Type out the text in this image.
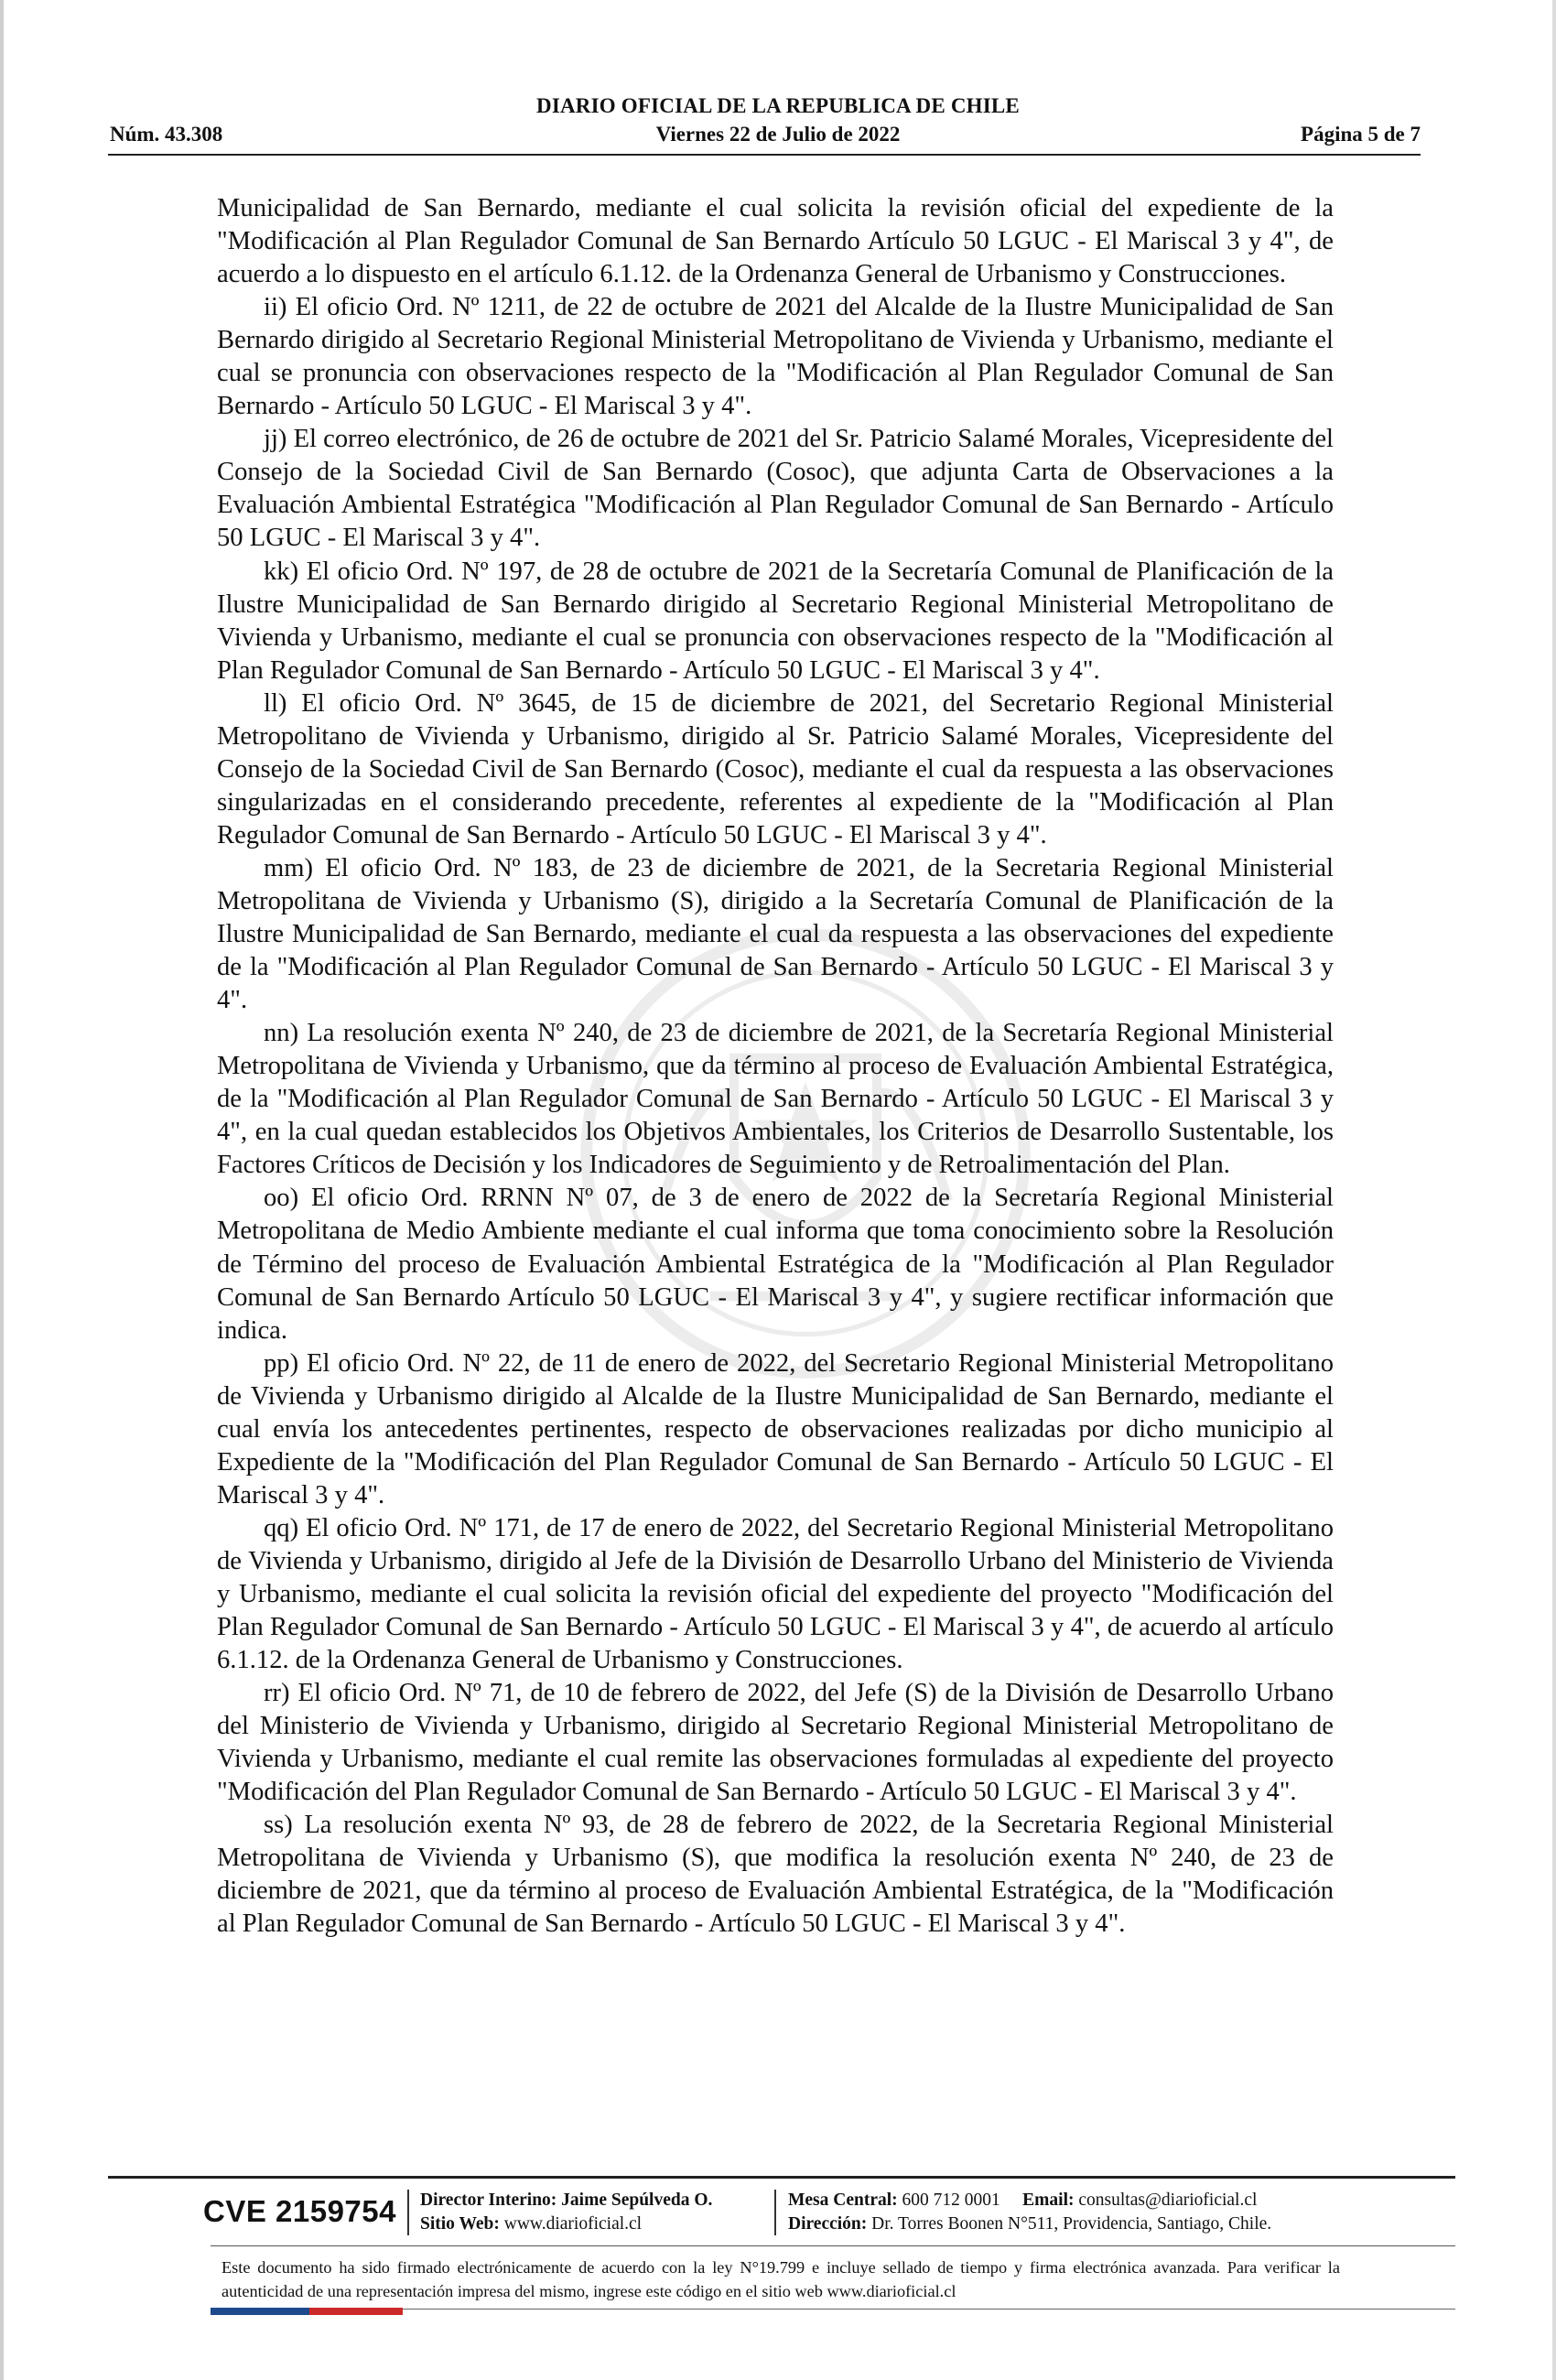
DIARIO OFICIAL DE LA REPUBLICA DE CHILE
Núm. 43.308	Viernes 22 de Julio de 2022	Página 5 de 7

Municipalidad de San Bernardo, mediante el cual solicita la revisión oficial del expediente de la "Modificación al Plan Regulador Comunal de San Bernardo Artículo 50 LGUC - El Mariscal 3 y 4", de acuerdo a lo dispuesto en el artículo 6.1.12. de la Ordenanza General de Urbanismo y Construcciones.

ii) El oficio Ord. Nº 1211, de 22 de octubre de 2021 del Alcalde de la Ilustre Municipalidad de San Bernardo dirigido al Secretario Regional Ministerial Metropolitano de Vivienda y Urbanismo, mediante el cual se pronuncia con observaciones respecto de la "Modificación al Plan Regulador Comunal de San Bernardo - Artículo 50 LGUC - El Mariscal 3 y 4".

jj) El correo electrónico, de 26 de octubre de 2021 del Sr. Patricio Salamé Morales, Vicepresidente del Consejo de la Sociedad Civil de San Bernardo (Cosoc), que adjunta Carta de Observaciones a la Evaluación Ambiental Estratégica "Modificación al Plan Regulador Comunal de San Bernardo - Artículo 50 LGUC - El Mariscal 3 y 4".

kk) El oficio Ord. Nº 197, de 28 de octubre de 2021 de la Secretaría Comunal de Planificación de la Ilustre Municipalidad de San Bernardo dirigido al Secretario Regional Ministerial Metropolitano de Vivienda y Urbanismo, mediante el cual se pronuncia con observaciones respecto de la "Modificación al Plan Regulador Comunal de San Bernardo - Artículo 50 LGUC - El Mariscal 3 y 4".

ll) El oficio Ord. Nº 3645, de 15 de diciembre de 2021, del Secretario Regional Ministerial Metropolitano de Vivienda y Urbanismo, dirigido al Sr. Patricio Salamé Morales, Vicepresidente del Consejo de la Sociedad Civil de San Bernardo (Cosoc), mediante el cual da respuesta a las observaciones singularizadas en el considerando precedente, referentes al expediente de la "Modificación al Plan Regulador Comunal de San Bernardo - Artículo 50 LGUC - El Mariscal 3 y 4".

mm) El oficio Ord. Nº 183, de 23 de diciembre de 2021, de la Secretaria Regional Ministerial Metropolitana de Vivienda y Urbanismo (S), dirigido a la Secretaría Comunal de Planificación de la Ilustre Municipalidad de San Bernardo, mediante el cual da respuesta a las observaciones del expediente de la "Modificación al Plan Regulador Comunal de San Bernardo - Artículo 50 LGUC - El Mariscal 3 y 4".

nn) La resolución exenta Nº 240, de 23 de diciembre de 2021, de la Secretaría Regional Ministerial Metropolitana de Vivienda y Urbanismo, que da término al proceso de Evaluación Ambiental Estratégica, de la "Modificación al Plan Regulador Comunal de San Bernardo - Artículo 50 LGUC - El Mariscal 3 y 4", en la cual quedan establecidos los Objetivos Ambientales, los Criterios de Desarrollo Sustentable, los Factores Críticos de Decisión y los Indicadores de Seguimiento y de Retroalimentación del Plan.

oo) El oficio Ord. RRNN Nº 07, de 3 de enero de 2022 de la Secretaría Regional Ministerial Metropolitana de Medio Ambiente mediante el cual informa que toma conocimiento sobre la Resolución de Término del proceso de Evaluación Ambiental Estratégica de la "Modificación al Plan Regulador Comunal de San Bernardo Artículo 50 LGUC - El Mariscal 3 y 4", y sugiere rectificar información que indica.

pp) El oficio Ord. Nº 22, de 11 de enero de 2022, del Secretario Regional Ministerial Metropolitano de Vivienda y Urbanismo dirigido al Alcalde de la Ilustre Municipalidad de San Bernardo, mediante el cual envía los antecedentes pertinentes, respecto de observaciones realizadas por dicho municipio al Expediente de la "Modificación del Plan Regulador Comunal de San Bernardo - Artículo 50 LGUC - El Mariscal 3 y 4".

qq) El oficio Ord. Nº 171, de 17 de enero de 2022, del Secretario Regional Ministerial Metropolitano de Vivienda y Urbanismo, dirigido al Jefe de la División de Desarrollo Urbano del Ministerio de Vivienda y Urbanismo, mediante el cual solicita la revisión oficial del expediente del proyecto "Modificación del Plan Regulador Comunal de San Bernardo - Artículo 50 LGUC - El Mariscal 3 y 4", de acuerdo al artículo 6.1.12. de la Ordenanza General de Urbanismo y Construcciones.

rr) El oficio Ord. Nº 71, de 10 de febrero de 2022, del Jefe (S) de la División de Desarrollo Urbano del Ministerio de Vivienda y Urbanismo, dirigido al Secretario Regional Ministerial Metropolitano de Vivienda y Urbanismo, mediante el cual remite las observaciones formuladas al expediente del proyecto "Modificación del Plan Regulador Comunal de San Bernardo - Artículo 50 LGUC - El Mariscal 3 y 4".

ss) La resolución exenta Nº 93, de 28 de febrero de 2022, de la Secretaria Regional Ministerial Metropolitana de Vivienda y Urbanismo (S), que modifica la resolución exenta Nº 240, de 23 de diciembre de 2021, que da término al proceso de Evaluación Ambiental Estratégica, de la "Modificación al Plan Regulador Comunal de San Bernardo - Artículo 50 LGUC - El Mariscal 3 y 4".

CVE 2159754 Director Interino: Jaime Sepúlveda O.
Sitio Web: www.diarioficial.cl
Mesa Central: 600 712 0001 Email: consultas@diarioficial.cl
Dirección: Dr. Torres Boonen N°511, Providencia, Santiago, Chile.
Este documento ha sido firmado electrónicamente de acuerdo con la ley N°19.799 e incluye sellado de tiempo y firma electrónica avanzada. Para verificar la autenticidad de una representación impresa del mismo, ingrese este código en el sitio web www.diarioficial.cl
